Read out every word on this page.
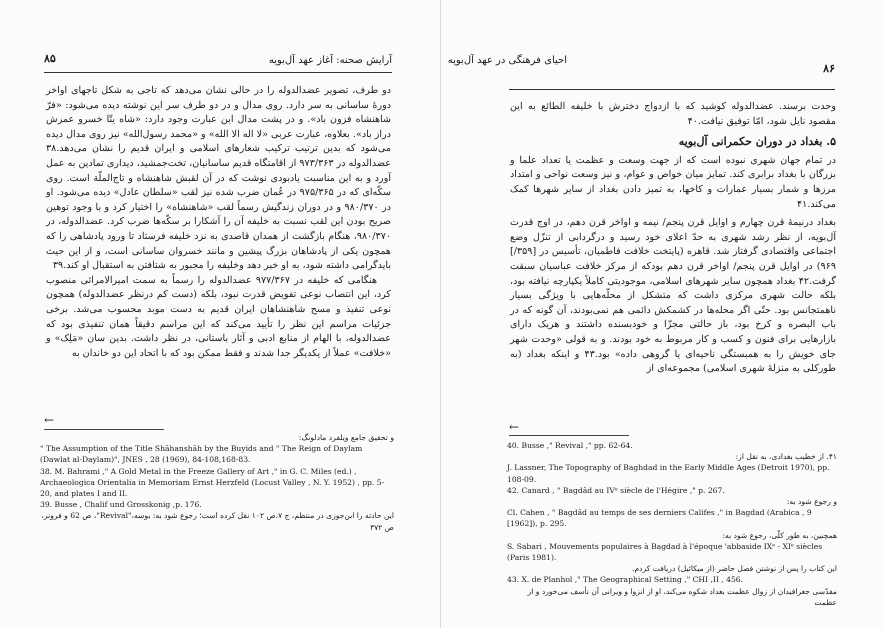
۸۵	آرایش صحنه: آغاز عهد آل‌بویه

دو طرف، تصویر عضدالدوله را در حالی نشان می‌دهد که تاجی به شکل تاجهای اواخر دورهٔ ساسانی به سر دارد. روی مدال و در دو طرف سر این نوشته دیده می‌شود: «فرّ شاهنشاه فزون باد». و در پشت مدال این عبارت وجود دارد: «شاه یتّا خسرو عمرش دراز باد». بعلاوه، عبارت عربی «لا اله الا الله» و «محمد رسول‌الله» نیز روی مدال دیده می‌شود که بدین ترتیب ترکیب شعارهای اسلامی و ایران قدیم را نشان می‌دهد.۳۸ عضدالدوله در ۹۷۳/۳۶۳ از اقامتگاه قدیم ساسانیان، تخت‌جمشید، دیداری تمادین به عمل آورد و به این مناسبت یادبودی نوشت که در آن لقبش شاهنشاه و تاج‌الملّة است. روی سکّه‌ای که در ۹۷۵/۳۶۵ در عُمان ضرب شده نیز لقب «سلطان عادل» دیده می‌شود. او در ۹۸۰/۳۷۰ و در دوران زندگیش رسماً لقب «شاهنشاه» را اختیار کرد و با وجود توهین صریح بودن این لقب نسبت به خلیفه آن را آشکارا بر سکّه‌ها ضرب کرد. عضدالدوله، در ۹۸۰/۳۷۰، هنگام بازگشت از همدان قاصدی به نزد خلیفه فرستاد تا ورود پادشاهی را که همچون یکی از پادشاهان بزرگ پیشین و مانند خسروان ساسانی است، و از این حیث بایدگرامی داشته شود، به او خبر دهد وخلیفه را مجبور به شتافتن به استقبال او کند.۳۹

هنگامی که خلیفه در ۹۷۷/۳۶۷ عضدالدوله را رسماً به سمت امیرالامرائی منصوب کرد، این انتصاب نوعی تفویض قدرت نبود، بلکه (دست کم درنظر عضدالدوله) همچون نوعی تنفیذ و مسح شاهنشاهان ایران قدیم به دست موبد محسوب می‌شد. برخی جزئیات مراسم این نظر را تأیید می‌کند که این مراسم دقیقاً همان تنفیذی بود که عضدالدوله، با الهام از منابع ادبی و آثار باستانی، در نظر داشت. بدین سان «مَلِک» و «خلافت» عملاً از یکدیگر جدا شدند و فقط ممکن بود که با اتحاد این دو خاندان به

←

و تحقیق جامع ویلفرد مادلونگ:

" The Assumption of the Title Shāhanshāh by the Buyids and " The Reign of Daylam (Dawlat al-Daylam)", JNES , 28 (1969), 84-108,168-83.

38. M. Bahrami ," A Gold Metal in the Freeze Gallery of Art ," in G. C. Miles (ed.) , Archaeologica Orientalia in Memoriam Ernst Herzfeld (Locust Valley , N. Y. 1952) , pp. 5-20, and plates I and II.

39. Busse , Chalif und Grosskonig ,p. 176.

این حادثه را ابن‌جوزی در منتظم، ج ۷،ص ۱۰۲ نقل کرده است؛ رجوع شود به: بوسه،"Revival"، ص 62 و فرونر، ص ۳۷۲

احیای فرهنگی در عهد آل‌بویه
۸۶

وحدت برسند. عضدالدوله کوشید که با ازدواج دخترش با خلیفه الطائع به این مقصود نایل شود، امّا توفیق نیافت.۴۰

۵. بغداد در دوران حکمرانی آل‌بویه

در تمام جهان شهری نبوده است که از جهت وسعت و عظمت یا تعداد علما و بزرگان با بغداد برابری کند. تمایز میان خواص و عوام، و نیز وسعت نواحی و امتداد مرزها و شمار بسیار عمارات و کاخها، به تمیز دادن بغداد از سایر شهرها کمک می‌کند.۴۱

بغداد درنیمهٔ قرن چهارم و اوایل قرن پنجم/ نیمه و اواخر قرن دهم، در اوج قدرت آل‌بویه، از نظر رشد شهری به حدّ اعلای خود رسید و درگردابی از تنزّل وضع اجتماعی واقتصادی گرفتار شد. قاهره (پایتخت خلافت فاطمیان، تأسیس در [۳۵۹/] ۹۶۹) در اوایل قرن پنجم/ اواخر قرن دهم بودکه از مرکز خلافت عباسیان سبقت گرفت.۴۲ بغداد همچون سایر شهرهای اسلامی، موجودیتی کاملاً یکپارچه نیافته بود، بلکه حالت شهری مرکزی داشت که متشکل از محلّه‌هایی با ویژگی بسیار ناهمتجانس بود. حتّی اگر محله‌ها در کشمکش دائمی هم نمی‌بودند، آن گونه که در باب البصره و کرخ بود، باز حالتی مجزّا و خودبسنده داشتند و هریک دارای بازارهایی برای فنون و کسب و کار مربوط به خود بودند. و به قولی «وحدت شهر جای خویش را به همبستگی ناحیه‌ای یا گروهی داده» بود.۴۳ و اینکه بغداد (به طورکلی به منزلهٔ شهری اسلامی) مجموعه‌ای از

←

40. Busse ," Revival ," pp. 62-64.

۴۱. از خطیب بغدادی، به نقل از:

J. Lassner, The Topography of Baghdad in the Early Middle Ages (Detroit 1970), pp. 108-09.

42. Canard , " Bagdâd au IVᵉ siècle de l'Hégire ," p. 267.

و رجوع شود به:

Cl. Cahen , " Bagdâd au temps de ses derniers Califes ," in Bagdad (Arabica , 9 [1962]), p. 295.

همچنین، به طور کلّی، رجوع شود به:

S. Sabari , Mouvements populaires à Bagdad à l'époque 'abbaside IXᵉ - XIᵉ siècles (Paris 1981).

این کتاب را پس از نوشتن فصل حاضر (از میکائیل) دریافت کردم.

43. X. de Planhol ," The Geographical Setting ," CHI ,II , 456.

مقدّسی جغرافیدان از زوال عظمت بغداد شکوه می‌کند، او از انزوا و ویرانی آن تأسف می‌خورد و از عظمت
